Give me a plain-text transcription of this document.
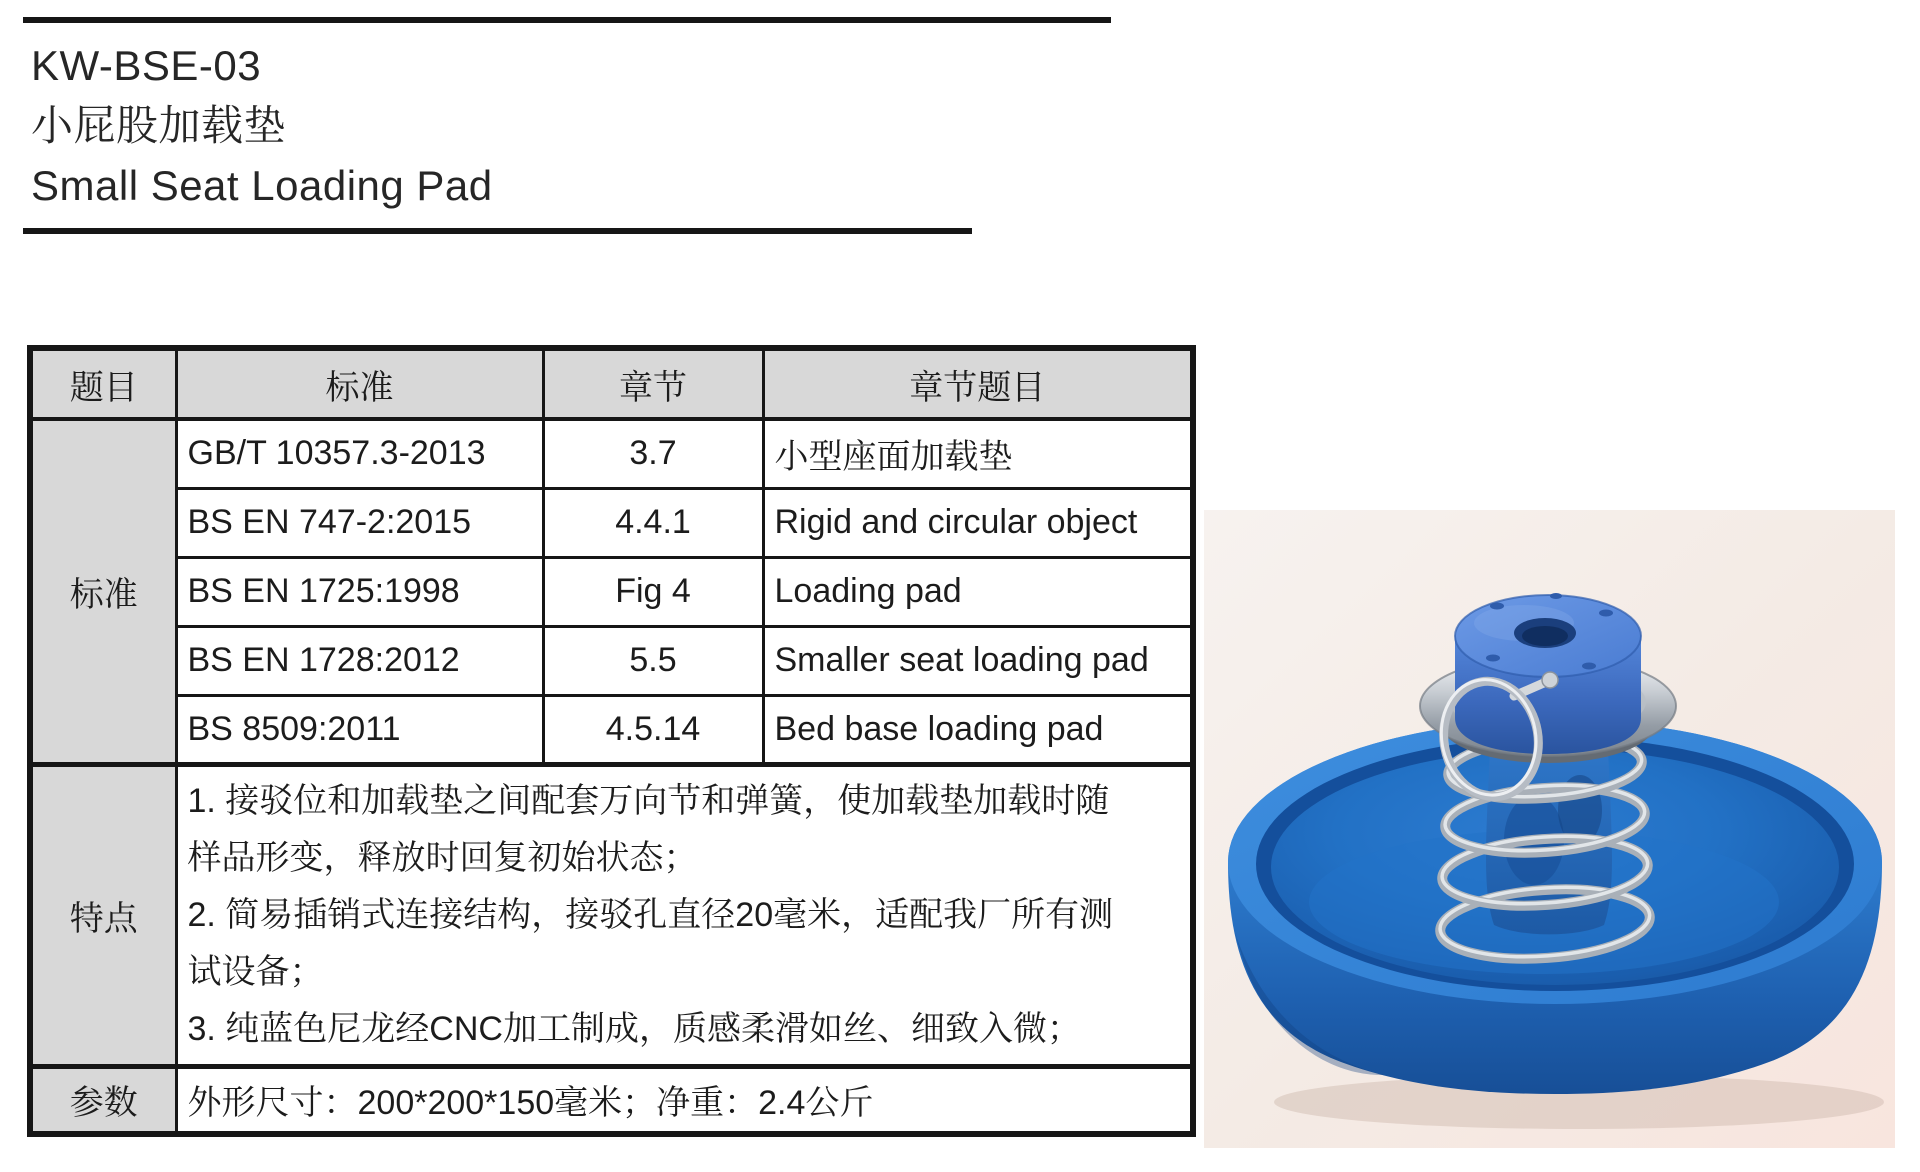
KW-BSE-03
小屁股加载垫
Small Seat Loading Pad
题目	标准	章节	章节题目
标准	GB/T 10357.3-2013	3.7	小型座面加载垫
	BS EN 747-2:2015	4.4.1	Rigid and circular object
	BS EN 1725:1998	Fig 4	Loading pad
	BS EN 1728:2012	5.5	Smaller seat loading pad
	BS 8509:2011	4.5.14	Bed base loading pad
特点	1. 接驳位和加载垫之间配套万向节和弹簧，使加载垫加载时随
样品形变，释放时回复初始状态；
2. 简易插销式连接结构，接驳孔直径20毫米，适配我厂所有测
试设备；
3. 纯蓝色尼龙经CNC加工制成，质感柔滑如丝、细致入微；		

参数	外形尺寸：200*200*150毫米；净重：2.4公斤		
